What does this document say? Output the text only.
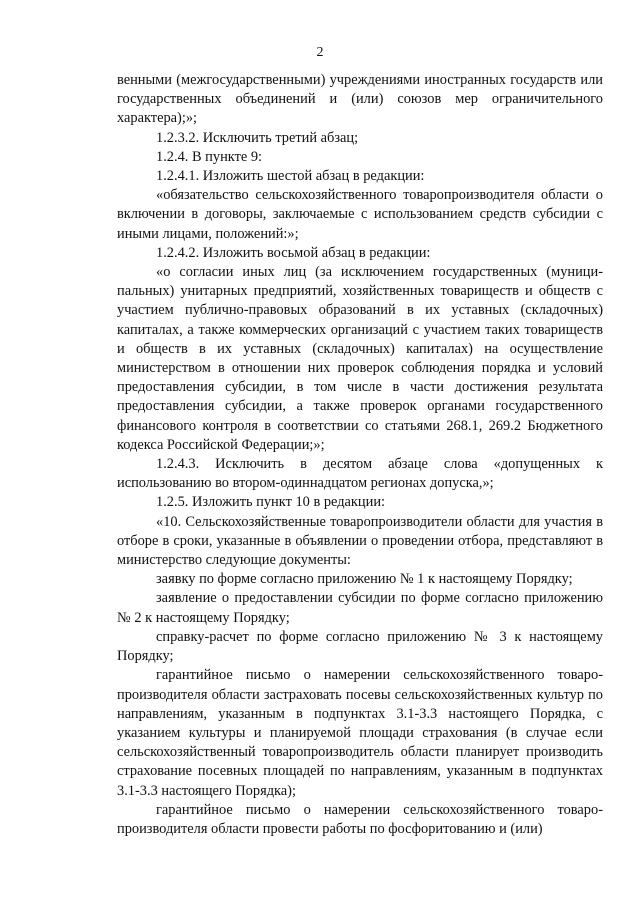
2

венными (межгосударственными) учреждениями иностранных государств или государственных объединений и (или) союзов мер ограничительного характера);»;

1.2.3.2. Исключить третий абзац;

1.2.4. В пункте 9:

1.2.4.1. Изложить шестой абзац в редакции:

«обязательство сельскохозяйственного товаропроизводителя области о включении в договоры, заключаемые с использованием средств субсидии с иными лицами, положений:»;

1.2.4.2. Изложить восьмой абзац в редакции:

«о согласии иных лиц (за исключением государственных (муниципальных) унитарных предприятий, хозяйственных товариществ и обществ с участием публично-правовых образований в их уставных (складочных) капиталах, а также коммерческих организаций с участием таких товариществ и обществ в их уставных (складочных) капиталах) на осуществление министерством в отношении них проверок соблюдения порядка и условий предоставления субсидии, в том числе в части достижения результата предоставления субсидии, а также проверок органами государственного финансового контроля в соответствии со статьями 268.1, 269.2 Бюджетного кодекса Российской Федерации;»;

1.2.4.3. Исключить в десятом абзаце слова «допущенных к использованию во втором-одиннадцатом регионах допуска,»;

1.2.5. Изложить пункт 10 в редакции:

«10. Сельскохозяйственные товаропроизводители области для участия в отборе в сроки, указанные в объявлении о проведении отбора, представляют в министерство следующие документы:

заявку по форме согласно приложению № 1 к настоящему Порядку;

заявление о предоставлении субсидии по форме согласно приложению № 2 к настоящему Порядку;

справку-расчет по форме согласно приложению № 3 к настоящему Порядку;

гарантийное письмо о намерении сельскохозяйственного товаропроизводителя области застраховать посевы сельскохозяйственных культур по направлениям, указанным в подпунктах 3.1-3.3 настоящего Порядка, с указанием культуры и планируемой площади страхования (в случае если сельскохозяйственный товаропроизводитель области планирует производить страхование посевных площадей по направлениям, указанным в подпунктах 3.1-3.3 настоящего Порядка);

гарантийное письмо о намерении сельскохозяйственного товаропроизводителя области провести работы по фосфоритованию и (или)
